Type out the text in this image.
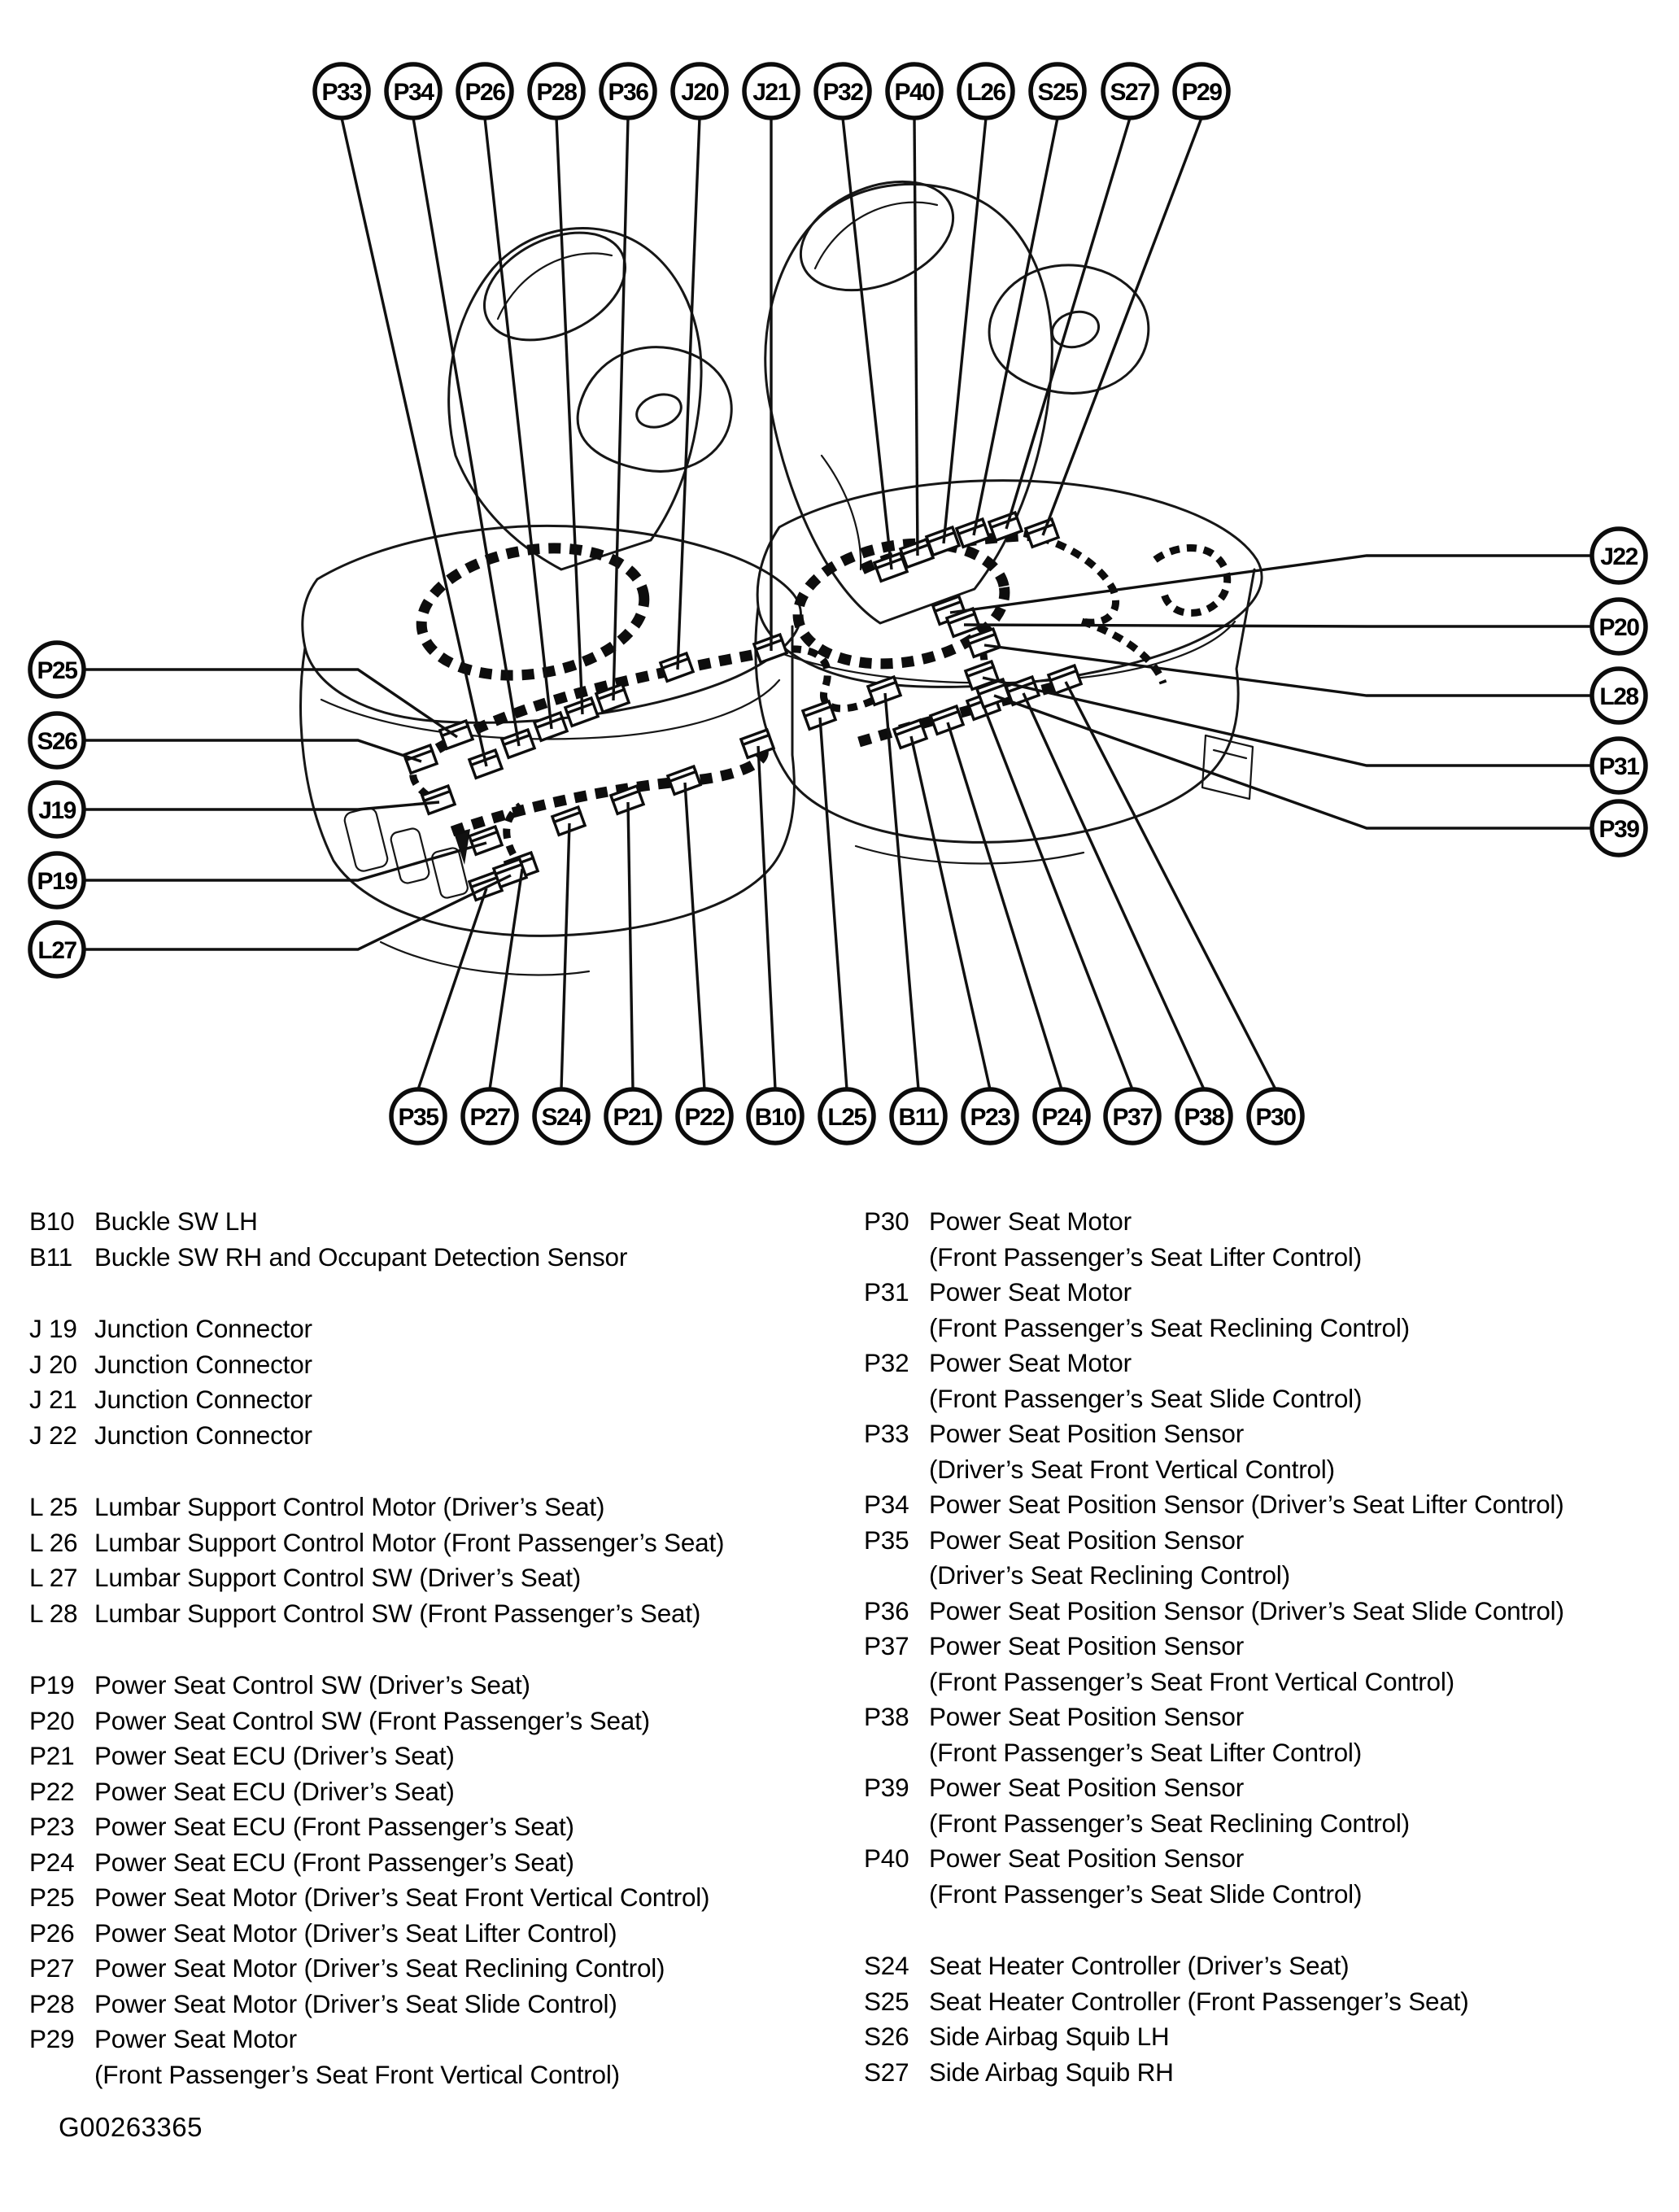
P33 P34 P26 P28 P36 J20 J21 P32 P40 L26 S25 S27 P29
P35 P27 S24 P21 P22 B10 L25 B11 P23 P24 P37 P38 P30
P25
S26
J19
P19
L27
J22
P20
L28
P31
P39
B10 Buckle SW LH
B11 Buckle SW RH and Occupant Detection Sensor
J 19 Junction Connector
J 20 Junction Connector
J 21 Junction Connector
J 22 Junction Connector
L 25 Lumbar Support Control Motor (Driver’s Seat)
L 26 Lumbar Support Control Motor (Front Passenger’s Seat)
L 27 Lumbar Support Control SW (Driver’s Seat)
L 28 Lumbar Support Control SW (Front Passenger’s Seat)
P19 Power Seat Control SW (Driver’s Seat)
P20 Power Seat Control SW (Front Passenger’s Seat)
P21 Power Seat ECU (Driver’s Seat)
P22 Power Seat ECU (Driver’s Seat)
P23 Power Seat ECU (Front Passenger’s Seat)
P24 Power Seat ECU (Front Passenger’s Seat)
P25 Power Seat Motor (Driver’s Seat Front Vertical Control)
P26 Power Seat Motor (Driver’s Seat Lifter Control)
P27 Power Seat Motor (Driver’s Seat Reclining Control)
P28 Power Seat Motor (Driver’s Seat Slide Control)
P29 Power Seat Motor
(Front Passenger’s Seat Front Vertical Control)
P30 Power Seat Motor
(Front Passenger’s Seat Lifter Control)
P31 Power Seat Motor
(Front Passenger’s Seat Reclining Control)
P32 Power Seat Motor
(Front Passenger’s Seat Slide Control)
P33 Power Seat Position Sensor
(Driver’s Seat Front Vertical Control)
P34 Power Seat Position Sensor (Driver’s Seat Lifter Control)
P35 Power Seat Position Sensor
(Driver’s Seat Reclining Control)
P36 Power Seat Position Sensor (Driver’s Seat Slide Control)
P37 Power Seat Position Sensor
(Front Passenger’s Seat Front Vertical Control)
P38 Power Seat Position Sensor
(Front Passenger’s Seat Lifter Control)
P39 Power Seat Position Sensor
(Front Passenger’s Seat Reclining Control)
P40 Power Seat Position Sensor
(Front Passenger’s Seat Slide Control)
S24 Seat Heater Controller (Driver’s Seat)
S25 Seat Heater Controller (Front Passenger’s Seat)
S26 Side Airbag Squib LH
S27 Side Airbag Squib RH
G00263365
